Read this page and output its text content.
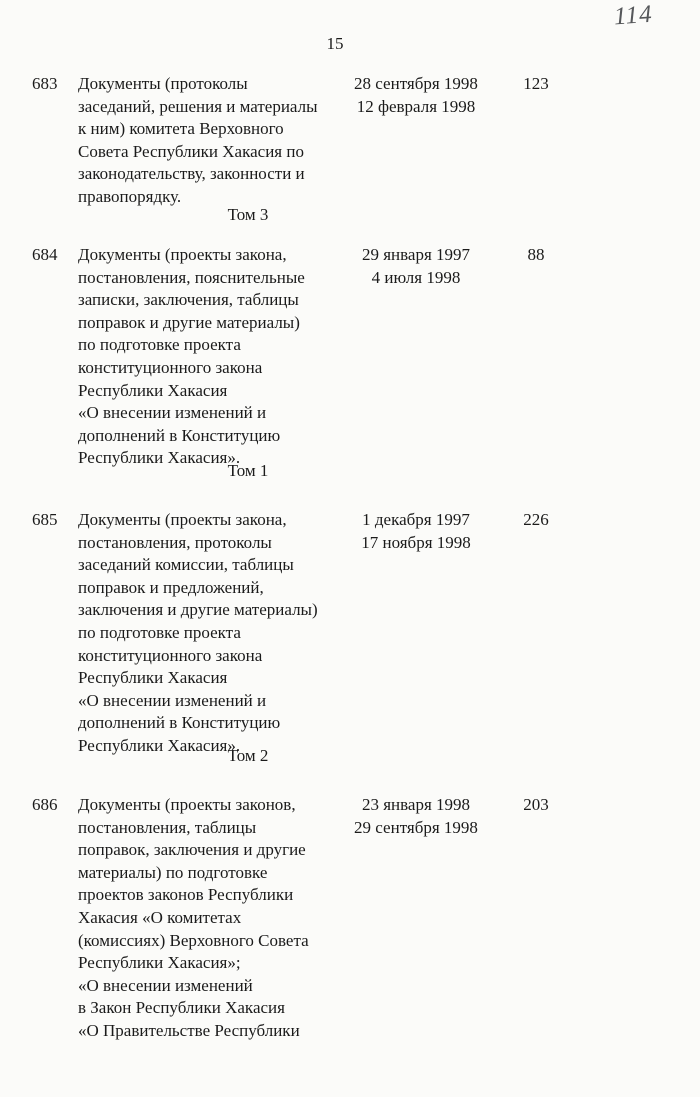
114
15
683 Документы (протоколы
заседаний, решения и материалы
к ним) комитета Верховного
Совета Республики Хакасия по
законодательству, законности и
правопорядку.
28 сентября 1998
12 февраля 1998
123
Том 3
684 Документы (проекты закона,
постановления, пояснительные
записки, заключения, таблицы
поправок и другие материалы)
по подготовке проекта
конституционного закона
Республики Хакасия
«О внесении изменений и
дополнений в Конституцию
Республики Хакасия».
29 января 1997
4 июля 1998
88
Том 1
685 Документы (проекты закона,
постановления, протоколы
заседаний комиссии, таблицы
поправок и предложений,
заключения и другие материалы)
по подготовке проекта
конституционного закона
Республики Хакасия
«О внесении изменений и
дополнений в Конституцию
Республики Хакасия».
1 декабря 1997
17 ноября 1998
226
Том 2
686 Документы (проекты законов,
постановления, таблицы
поправок, заключения и другие
материалы) по подготовке
проектов законов Республики
Хакасия «О комитетах
(комиссиях) Верховного Совета
Республики Хакасия»;
«О внесении изменений
в Закон Республики Хакасия
«О Правительстве Республики
23 января 1998
29 сентября 1998
203
